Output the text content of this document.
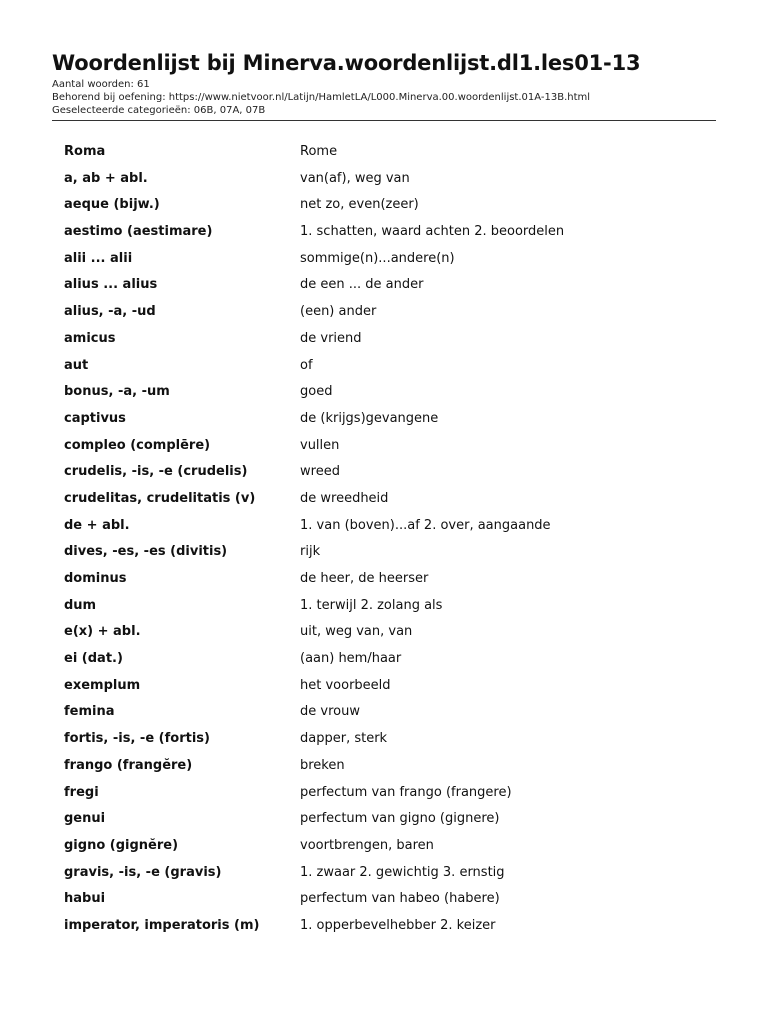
Woordenlijst bij Minerva.woordenlijst.dl1.les01-13
Aantal woorden: 61
Behorend bij oefening: https://www.nietvoor.nl/Latijn/HamletLA/L000.Minerva.00.woordenlijst.01A-13B.html
Geselecteerde categorieën: 06B, 07A, 07B
Roma	Rome
a, ab + abl.	van(af), weg van
aeque (bijw.)	net zo, even(zeer)
aestimo (aestimare)	1. schatten, waard achten 2. beoordelen
alii ... alii	sommige(n)...andere(n)
alius ... alius	de een ... de ander
alius, -a, -ud	(een) ander
amicus	de vriend
aut	of
bonus, -a, -um	goed
captivus	de (krijgs)gevangene
compleo (complēre)	vullen
crudelis, -is, -e (crudelis)	wreed
crudelitas, crudelitatis (v)	de wreedheid
de + abl.	1. van (boven)...af 2. over, aangaande
dives, -es, -es (divitis)	rijk
dominus	de heer, de heerser
dum	1. terwijl 2. zolang als
e(x) + abl.	uit, weg van, van
ei (dat.)	(aan) hem/haar
exemplum	het voorbeeld
femina	de vrouw
fortis, -is, -e (fortis)	dapper, sterk
frango (frangĕre)	breken
fregi	perfectum van frango (frangere)
genui	perfectum van gigno (gignere)
gigno (gignĕre)	voortbrengen, baren
gravis, -is, -e (gravis)	1. zwaar 2. gewichtig 3. ernstig
habui	perfectum van habeo (habere)
imperator, imperatoris (m)	1. opperbevelhebber 2. keizer
